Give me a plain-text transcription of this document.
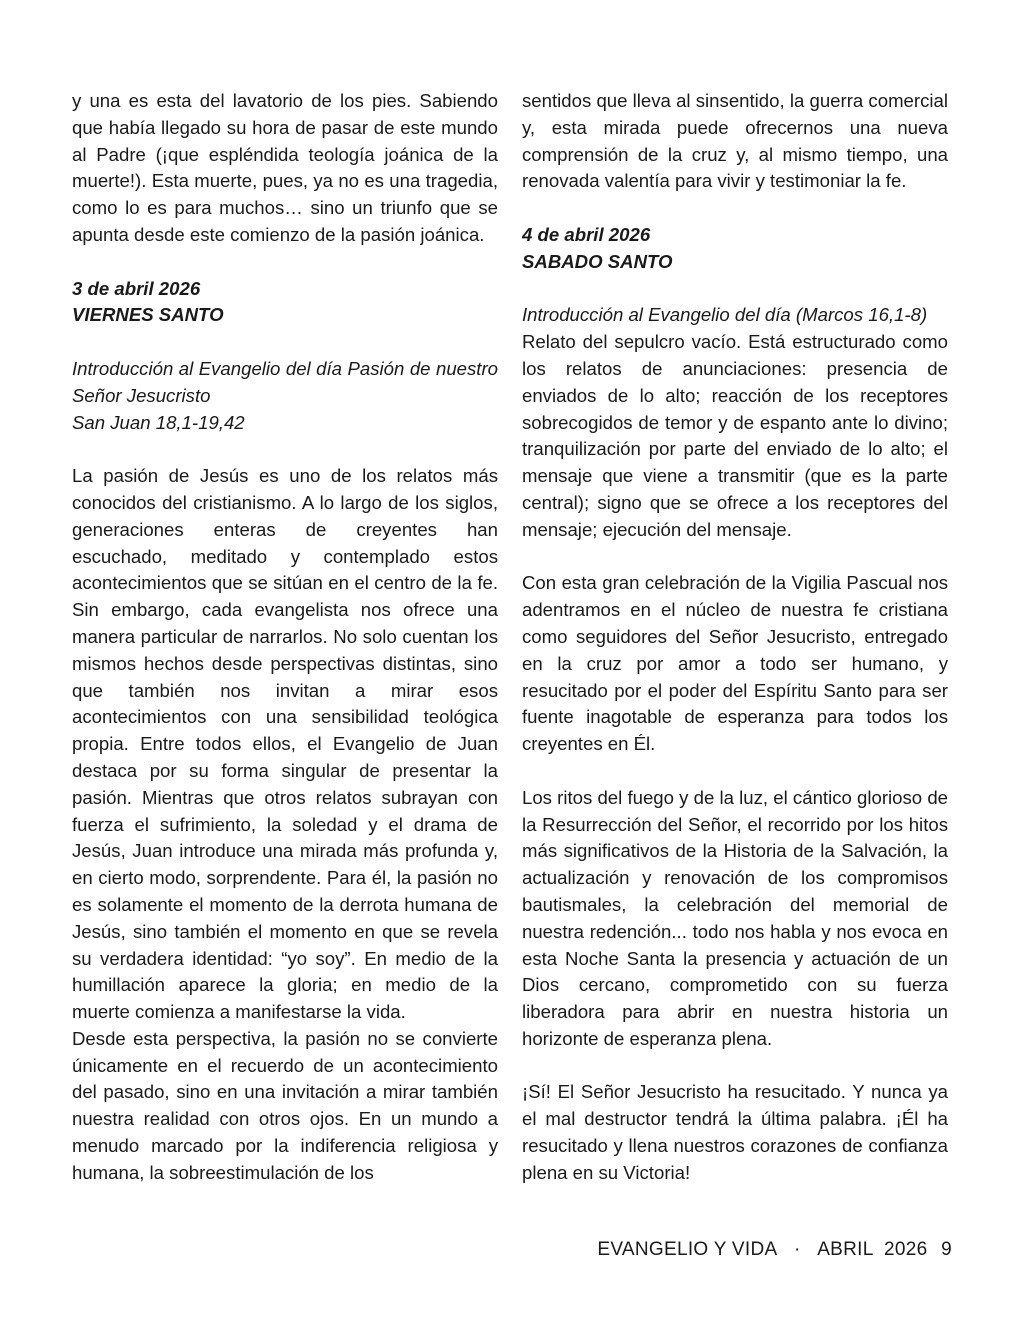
y una es esta del lavatorio de los pies. Sabiendo que había llegado su hora de pasar de este mundo al Padre (¡que espléndida teología joánica de la muerte!). Esta muerte, pues, ya no es una tragedia, como lo es para muchos… sino un triunfo que se apunta desde este comienzo de la pasión joánica.

3 de abril 2026

VIERNES SANTO

Introducción al Evangelio del día Pasión de nuestro Señor Jesucristo

San Juan 18,1-19,42

La pasión de Jesús es uno de los relatos más conocidos del cristianismo. A lo largo de los siglos, generaciones enteras de creyentes han escuchado, meditado y contemplado estos acontecimientos que se sitúan en el centro de la fe. Sin embargo, cada evangelista nos ofrece una manera particular de narrarlos. No solo cuentan los mismos hechos desde perspectivas distintas, sino que también nos invitan a mirar esos acontecimientos con una sensibilidad teológica propia. Entre todos ellos, el Evangelio de Juan destaca por su forma singular de presentar la pasión. Mientras que otros relatos subrayan con fuerza el sufrimiento, la soledad y el drama de Jesús, Juan introduce una mirada más profunda y, en cierto modo, sorprendente. Para él, la pasión no es solamente el momento de la derrota humana de Jesús, sino también el momento en que se revela su verdadera identidad: “yo soy”. En medio de la humillación aparece la gloria; en medio de la muerte comienza a manifestarse la vida.

Desde esta perspectiva, la pasión no se convierte únicamente en el recuerdo de un acontecimiento del pasado, sino en una invitación a mirar también nuestra realidad con otros ojos. En un mundo a menudo marcado por la indiferencia religiosa y humana, la sobreestimulación de los

sentidos que lleva al sinsentido, la guerra comercial y, esta mirada puede ofrecernos una nueva comprensión de la cruz y, al mismo tiempo, una renovada valentía para vivir y testimoniar la fe.

4 de abril 2026

SABADO SANTO

Introducción al Evangelio del día (Marcos 16,1-8)

Relato del sepulcro vacío. Está estructurado como los relatos de anunciaciones: presencia de enviados de lo alto; reacción de los receptores sobrecogidos de temor y de espanto ante lo divino; tranquilización por parte del enviado de lo alto; el mensaje que viene a transmitir (que es la parte central); signo que se ofrece a los receptores del mensaje; ejecución del mensaje.

Con esta gran celebración de la Vigilia Pascual nos adentramos en el núcleo de nuestra fe cristiana como seguidores del Señor Jesucristo, entregado en la cruz por amor a todo ser humano, y resucitado por el poder del Espíritu Santo para ser fuente inagotable de esperanza para todos los creyentes en Él.

Los ritos del fuego y de la luz, el cántico glorioso de la Resurrección del Señor, el recorrido por los hitos más significativos de la Historia de la Salvación, la actualización y renovación de los compromisos bautismales, la celebración del memorial de nuestra redención... todo nos habla y nos evoca en esta Noche Santa la presencia y actuación de un Dios cercano, comprometido con su fuerza liberadora para abrir en nuestra historia un horizonte de esperanza plena.

¡Sí! El Señor Jesucristo ha resucitado. Y nunca ya el mal destructor tendrá la última palabra. ¡Él ha resucitado y llena nuestros corazones de confianza plena en su Victoria!

EVANGELIO Y VIDA · ABRIL  2026 9
